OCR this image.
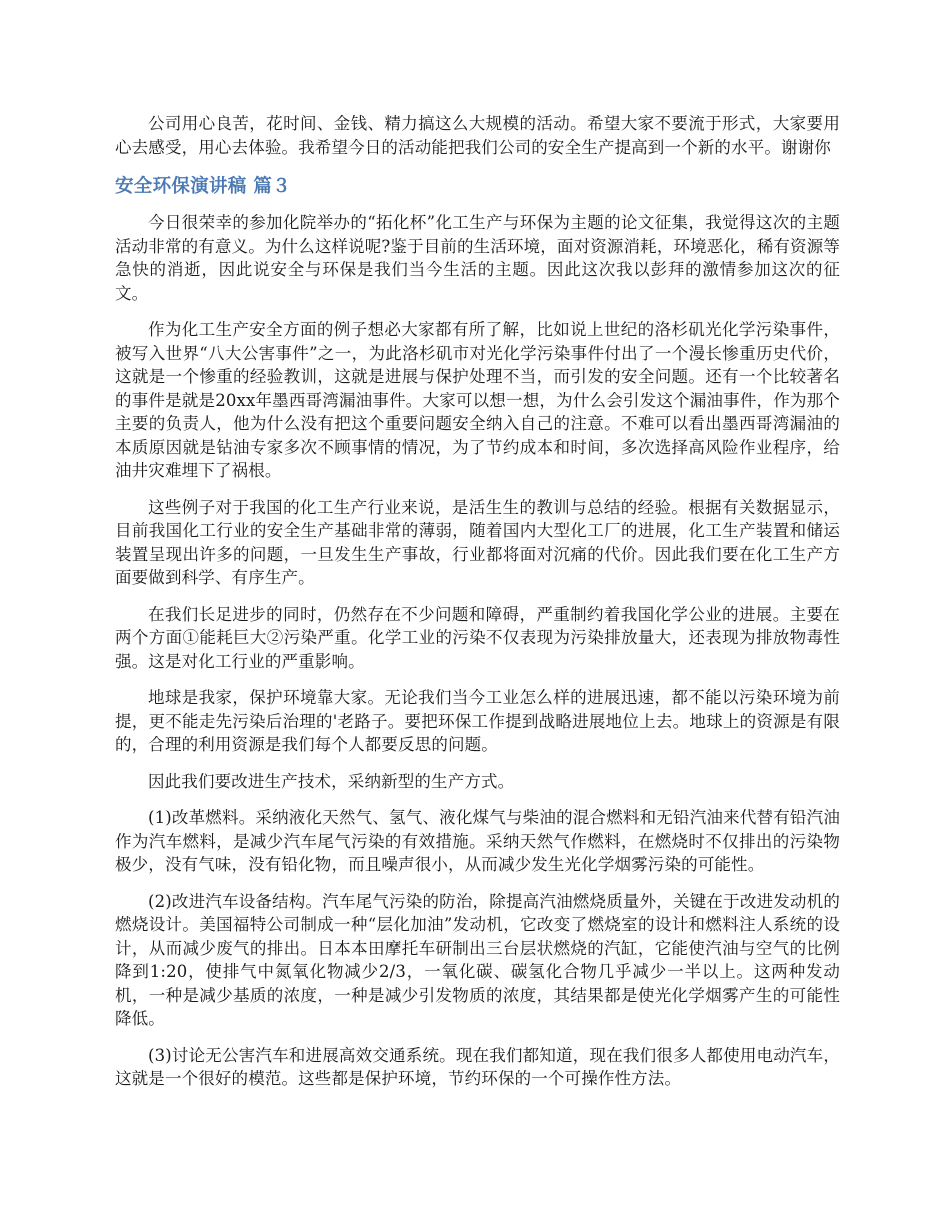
公司用心良苦，花时间、金钱、精力搞这么大规模的活动。希望大家不要流于形式，大家要用心去感受，用心去体验。我希望今日的活动能把我们公司的安全生产提高到一个新的水平。谢谢你

安全环保演讲稿 篇３

今日很荣幸的参加化院举办的“拓化杯”化工生产与环保为主题的论文征集，我觉得这次的主题活动非常的有意义。为什么这样说呢?鉴于目前的生活环境，面对资源消耗，环境恶化，稀有资源等急快的消逝，因此说安全与环保是我们当今生活的主题。因此这次我以彭拜的激情参加这次的征文。

作为化工生产安全方面的例子想必大家都有所了解，比如说上世纪的洛杉矶光化学污染事件，被写入世界“八大公害事件”之一，为此洛杉矶市对光化学污染事件付出了一个漫长惨重历史代价，这就是一个惨重的经验教训，这就是进展与保护处理不当，而引发的安全问题。还有一个比较著名的事件是就是20xx年墨西哥湾漏油事件。大家可以想一想，为什么会引发这个漏油事件，作为那个主要的负责人，他为什么没有把这个重要问题安全纳入自己的注意。不难可以看出墨西哥湾漏油的本质原因就是钻油专家多次不顾事情的情况，为了节约成本和时间，多次选择高风险作业程序，给油井灾难埋下了祸根。

这些例子对于我国的化工生产行业来说，是活生生的教训与总结的经验。根据有关数据显示，目前我国化工行业的安全生产基础非常的薄弱，随着国内大型化工厂的进展，化工生产装置和储运装置呈现出许多的问题，一旦发生生产事故，行业都将面对沉痛的代价。因此我们要在化工生产方面要做到科学、有序生产。

在我们长足进步的同时，仍然存在不少问题和障碍，严重制约着我国化学公业的进展。主要在两个方面①能耗巨大②污染严重。化学工业的污染不仅表现为污染排放量大，还表现为排放物毒性强。这是对化工行业的严重影响。

地球是我家，保护环境靠大家。无论我们当今工业怎么样的进展迅速，都不能以污染环境为前提，更不能走先污染后治理的'老路子。要把环保工作提到战略进展地位上去。地球上的资源是有限的，合理的利用资源是我们每个人都要反思的问题。

因此我们要改进生产技术，采纳新型的生产方式。

(1)改革燃料。采纳液化天然气、氢气、液化煤气与柴油的混合燃料和无铅汽油来代替有铅汽油作为汽车燃料，是减少汽车尾气污染的有效措施。采纳天然气作燃料，在燃烧时不仅排出的污染物极少，没有气味，没有铅化物，而且噪声很小，从而减少发生光化学烟雾污染的可能性。

(2)改进汽车设备结构。汽车尾气污染的防治，除提高汽油燃烧质量外，关键在于改进发动机的燃烧设计。美国福特公司制成一种“层化加油”发动机，它改变了燃烧室的设计和燃料注人系统的设计，从而减少废气的排出。日本本田摩托车研制出三台层状燃烧的汽缸，它能使汽油与空气的比例降到1:20，使排气中氮氧化物减少2/3，一氧化碳、碳氢化合物几乎减少一半以上。这两种发动机，一种是减少基质的浓度，一种是减少引发物质的浓度，其结果都是使光化学烟雾产生的可能性降低。

(3)讨论无公害汽车和进展高效交通系统。现在我们都知道，现在我们很多人都使用电动汽车，这就是一个很好的模范。这些都是保护环境，节约环保的一个可操作性方法。
